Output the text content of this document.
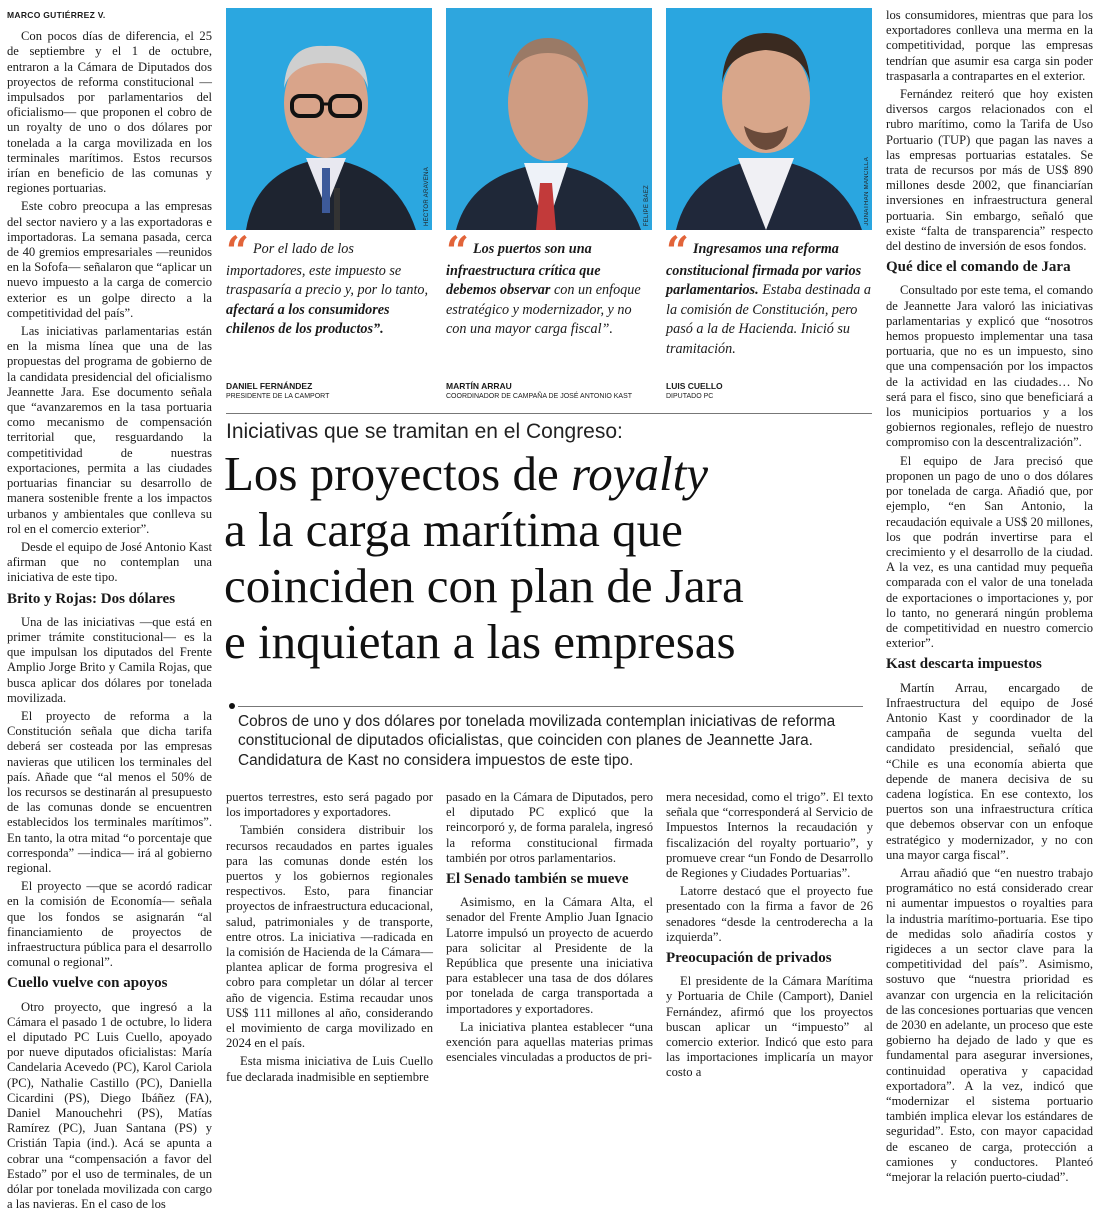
MARCO GUTIÉRREZ V.

Con pocos días de diferencia, el 25 de septiembre y el 1 de octubre, entraron a la Cámara de Diputados dos proyectos de reforma constitucional —impulsados por parlamentarios del oficialismo— que proponen el cobro de un royalty de uno o dos dólares por tonelada a la carga movilizada en los terminales marítimos. Estos recursos irían en beneficio de las comunas y regiones portuarias.

Este cobro preocupa a las empresas del sector naviero y a las exportadoras e importadoras. La semana pasada, cerca de 40 gremios empresariales —reunidos en la Sofofa— señalaron que “aplicar un nuevo impuesto a la carga de comercio exterior es un golpe directo a la competitividad del país”.

Las iniciativas parlamentarias están en la misma línea que una de las propuestas del programa de gobierno de la candidata presidencial del oficialismo Jeannette Jara. Ese documento señala que “avanzaremos en la tasa portuaria como mecanismo de compensación territorial que, resguardando la competitividad de nuestras exportaciones, permita a las ciudades portuarias financiar su desarrollo de manera sostenible frente a los impactos urbanos y ambientales que conlleva su rol en el comercio exterior”.

Desde el equipo de José Antonio Kast afirman que no contemplan una iniciativa de este tipo.

Brito y Rojas: Dos dólares

Una de las iniciativas —que está en primer trámite constitucional— es la que impulsan los diputados del Frente Amplio Jorge Brito y Camila Rojas, que busca aplicar dos dólares por tonelada movilizada.

El proyecto de reforma a la Constitución señala que dicha tarifa deberá ser costeada por las empresas navieras que utilicen los terminales del país. Añade que “al menos el 50% de los recursos se destinarán al presupuesto de las comunas donde se encuentren establecidos los terminales marítimos”. En tanto, la otra mitad “o porcentaje que corresponda” —indica— irá al gobierno regional.

El proyecto —que se acordó radicar en la comisión de Economía— señala que los fondos se asignarán “al financiamiento de proyectos de infraestructura pública para el desarrollo comunal o regional”.

Cuello vuelve con apoyos

Otro proyecto, que ingresó a la Cámara el pasado 1 de octubre, lo lidera el diputado PC Luis Cuello, apoyado por nueve diputados oficialistas: María Candelaria Acevedo (PC), Karol Cariola (PC), Nathalie Castillo (PC), Daniella Cicardini (PS), Diego Ibáñez (FA), Daniel Manouchehri (PS), Matías Ramírez (PC), Juan Santana (PS) y Cristián Tapia (ind.). Acá se apunta a cobrar una “compensación a favor del Estado” por el uso de terminales, de un dólar por tonelada movilizada con cargo a las navieras. En el caso de los

HÉCTOR ARAVENA	FELIPE BÁEZ	JONATHAN MANCILLA
“ Por el lado de los importadores, este impuesto se traspasaría a precio y, por lo tanto, afectará a los consumidores chilenos de los productos”.
DANIEL FERNÁNDEZ
PRESIDENTE DE LA CAMPORT
“ Los puertos son una infraestructura crítica que debemos observar con un enfoque estratégico y modernizador, y no con una mayor carga fiscal”.
MARTÍN ARRAU
COORDINADOR DE CAMPAÑA DE JOSÉ ANTONIO KAST
“ Ingresamos una reforma constitucional firmada por varios parlamentarios. Estaba destinada a la comisión de Constitución, pero pasó a la de Hacienda. Inició su tramitación.
LUIS CUELLO
DIPUTADO PC
Iniciativas que se tramitan en el Congreso:
Los proyectos de royalty
a la carga marítima que
coinciden con plan de Jara
e inquietan a las empresas
Cobros de uno y dos dólares por tonelada movilizada contemplan iniciativas de reforma constitucional de diputados oficialistas, que coinciden con planes de Jeannette Jara. Candidatura de Kast no considera impuestos de este tipo.

puertos terrestres, esto será pagado por los importadores y exportadores.

También considera distribuir los recursos recaudados en partes iguales para las comunas donde estén los puertos y los gobiernos regionales respectivos. Esto, para financiar proyectos de infraestructura educacional, salud, patrimoniales y de transporte, entre otros. La iniciativa —radicada en la comisión de Hacienda de la Cámara— plantea aplicar de forma progresiva el cobro para completar un dólar al tercer año de vigencia. Estima recaudar unos US$ 111 millones al año, considerando el movimiento de carga movilizado en 2024 en el país.

Esta misma iniciativa de Luis Cuello fue declarada inadmisible en septiembre

pasado en la Cámara de Diputados, pero el diputado PC explicó que la reincorporó y, de forma paralela, ingresó la reforma constitucional firmada también por otros parlamentarios.

El Senado también se mueve

Asimismo, en la Cámara Alta, el senador del Frente Amplio Juan Ignacio Latorre impulsó un proyecto de acuerdo para solicitar al Presidente de la República que presente una iniciativa para establecer una tasa de dos dólares por tonelada de carga transportada a importadores y exportadores.

La iniciativa plantea establecer “una exención para aquellas materias primas esenciales vinculadas a productos de pri-

mera necesidad, como el trigo”. El texto señala que “corresponderá al Servicio de Impuestos Internos la recaudación y fiscalización del royalty portuario”, y promueve crear “un Fondo de Desarrollo de Regiones y Ciudades Portuarias”.

Latorre destacó que el proyecto fue presentado con la firma a favor de 26 senadores “desde la centroderecha a la izquierda”.

Preocupación de privados

El presidente de la Cámara Marítima y Portuaria de Chile (Camport), Daniel Fernández, afirmó que los proyectos buscan aplicar un “impuesto” al comercio exterior. Indicó que esto para las importaciones implicaría un mayor costo a

los consumidores, mientras que para los exportadores conlleva una merma en la competitividad, porque las empresas tendrían que asumir esa carga sin poder traspasarla a contrapartes en el exterior.

Fernández reiteró que hoy existen diversos cargos relacionados con el rubro marítimo, como la Tarifa de Uso Portuario (TUP) que pagan las naves a las empresas portuarias estatales. Se trata de recursos por más de US$ 890 millones desde 2002, que financiarían inversiones en infraestructura general portuaria. Sin embargo, señaló que existe “falta de transparencia” respecto del destino de inversión de esos fondos.

Qué dice el comando de Jara

Consultado por este tema, el comando de Jeannette Jara valoró las iniciativas parlamentarias y explicó que “nosotros hemos propuesto implementar una tasa portuaria, que no es un impuesto, sino que una compensación por los impactos de la actividad en las ciudades… No será para el fisco, sino que beneficiará a los municipios portuarios y a los gobiernos regionales, reflejo de nuestro compromiso con la descentralización”.

El equipo de Jara precisó que proponen un pago de uno o dos dólares por tonelada de carga. Añadió que, por ejemplo, “en San Antonio, la recaudación equivale a US$ 20 millones, los que podrán invertirse para el crecimiento y el desarrollo de la ciudad. A la vez, es una cantidad muy pequeña comparada con el valor de una tonelada de exportaciones o importaciones y, por lo tanto, no generará ningún problema de competitividad en nuestro comercio exterior”.

Kast descarta impuestos

Martín Arrau, encargado de Infraestructura del equipo de José Antonio Kast y coordinador de la campaña de segunda vuelta del candidato presidencial, señaló que “Chile es una economía abierta que depende de manera decisiva de su cadena logística. En ese contexto, los puertos son una infraestructura crítica que debemos observar con un enfoque estratégico y modernizador, y no con una mayor carga fiscal”.

Arrau añadió que “en nuestro trabajo programático no está considerado crear ni aumentar impuestos o royalties para la industria marítimo-portuaria. Ese tipo de medidas solo añadiría costos y rigideces a un sector clave para la competitividad del país”. Asimismo, sostuvo que “nuestra prioridad es avanzar con urgencia en la relicitación de las concesiones portuarias que vencen de 2030 en adelante, un proceso que este gobierno ha dejado de lado y que es fundamental para asegurar inversiones, continuidad operativa y capacidad exportadora”. A la vez, indicó que “modernizar el sistema portuario también implica elevar los estándares de seguridad”. Esto, con mayor capacidad de escaneo de carga, protección a camiones y conductores. Planteó “mejorar la relación puerto-ciudad”.
